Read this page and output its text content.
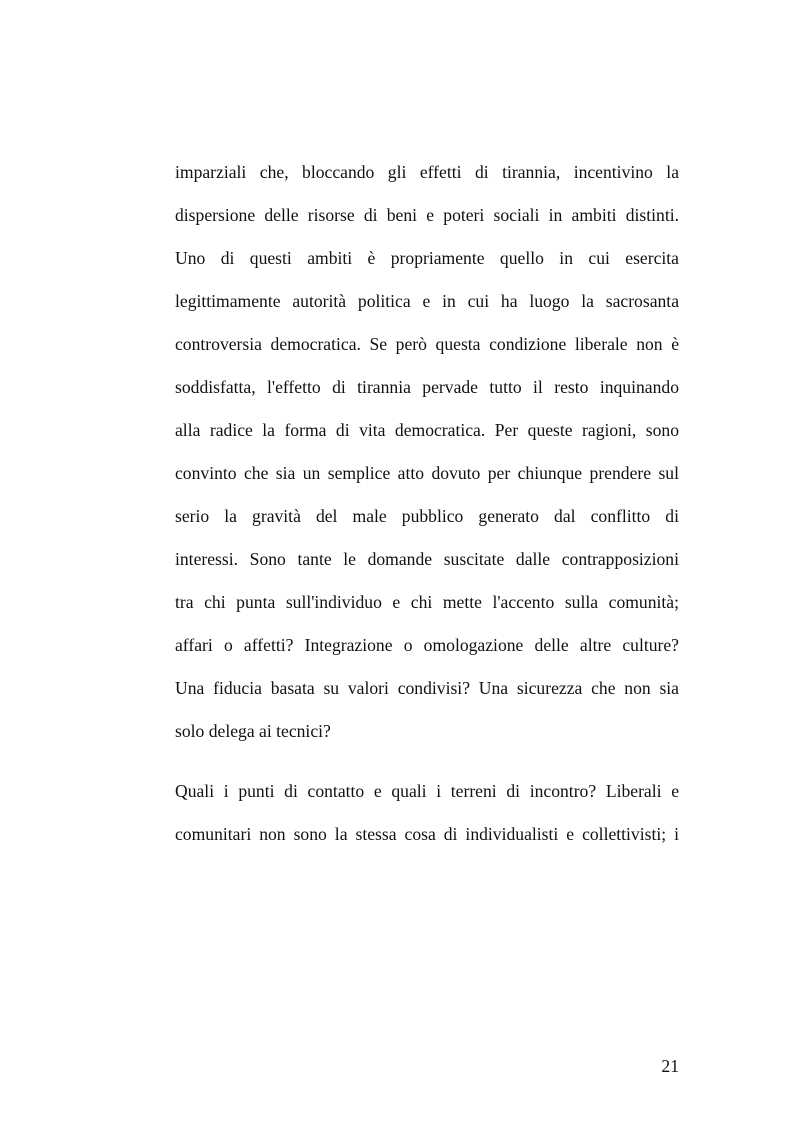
imparziali che, bloccando gli effetti di tirannia, incentivino la
dispersione delle risorse di beni e poteri sociali in ambiti distinti.
Uno di questi ambiti è propriamente quello in cui esercita
legittimamente autorità politica e in cui ha luogo la sacrosanta
controversia democratica. Se però questa condizione liberale non è
soddisfatta, l'effetto di tirannia pervade tutto il resto inquinando
alla radice la forma di vita democratica. Per queste ragioni, sono
convinto che sia un semplice atto dovuto per chiunque prendere sul
serio la gravità del male pubblico generato dal conflitto di
interessi. Sono tante le domande suscitate dalle contrapposizioni
tra chi punta sull'individuo e chi mette l'accento sulla comunità;
affari o affetti? Integrazione o omologazione delle altre culture?
Una fiducia basata su valori condivisi? Una sicurezza che non sia
solo delega ai tecnici?
Quali i punti di contatto e quali i terreni di incontro? Liberali e
comunitari non sono la stessa cosa di individualisti e collettivisti; i
21
